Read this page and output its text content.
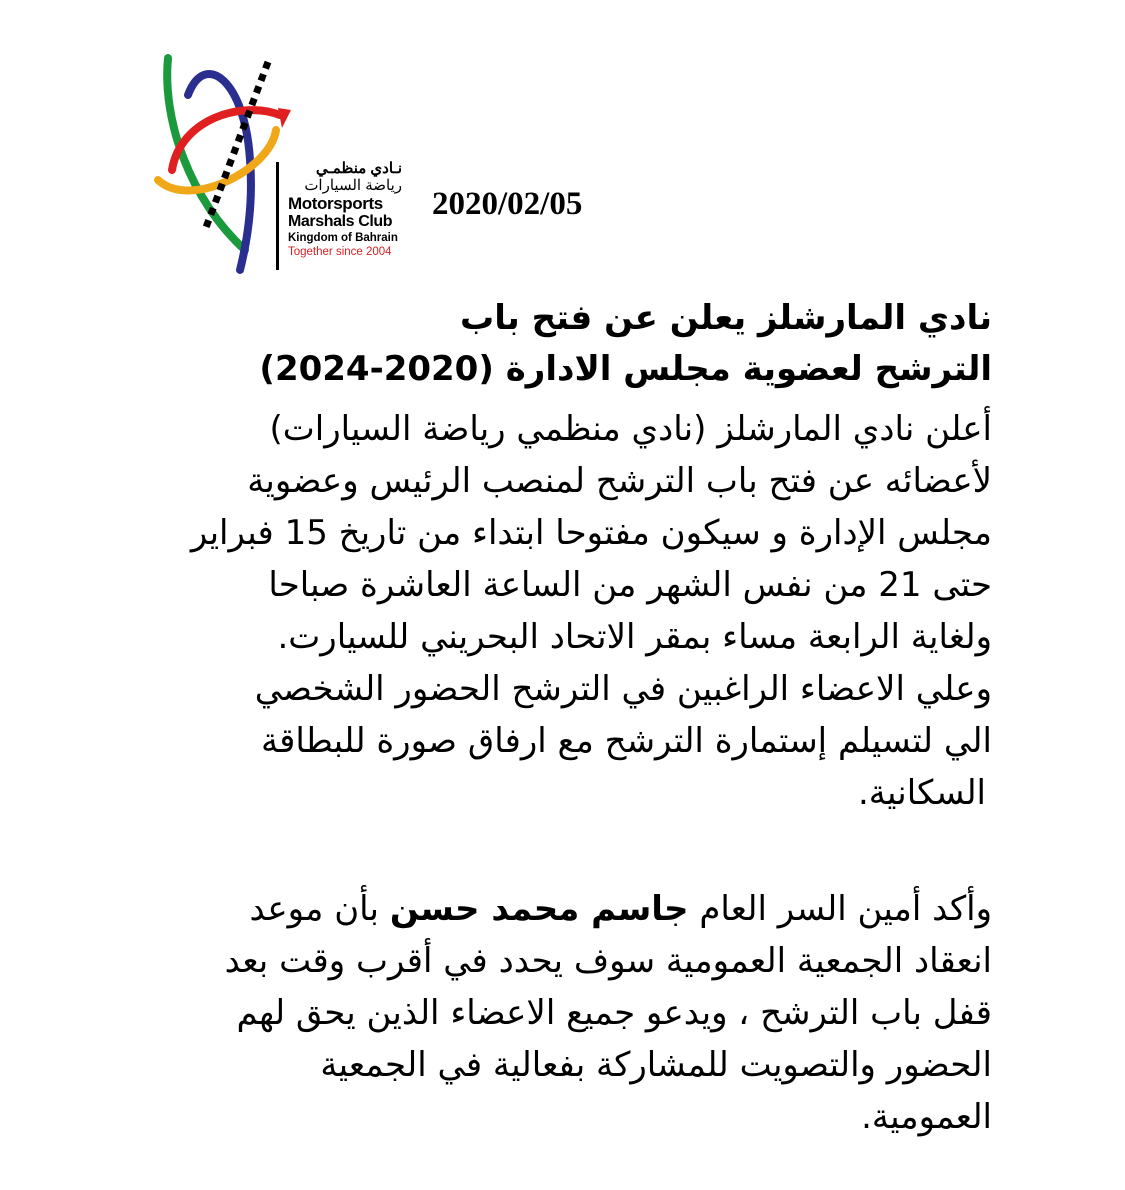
نـادي منظمـي
رياضة السيارات
Motorsports
Marshals Club
Kingdom of Bahrain
Together since 2004
2020/02/05
نادي المارشلز يعلن عن فتح باب
الترشح لعضوية مجلس الادارة (2020-2024)
أعلن نادي المارشلز (نادي منظمي رياضة السيارات)
لأعضائه عن فتح باب الترشح لمنصب الرئيس وعضوية
مجلس الإدارة و سيكون مفتوحا ابتداء من تاريخ 15 فبراير
حتى 21 من نفس الشهر من الساعة العاشرة صباحا
ولغاية الرابعة مساء بمقر الاتحاد البحريني للسيارت.
وعلي الاعضاء الراغبين في الترشح الحضور الشخصي
الي لتسيلم إستمارة الترشح مع ارفاق صورة للبطاقة
السكانية.
وأكد أمين السر العام جاسم محمد حسن بأن موعد
انعقاد الجمعية العمومية سوف يحدد في أقرب وقت بعد
قفل باب الترشح ، ويدعو جميع الاعضاء الذين يحق لهم
الحضور والتصويت للمشاركة بفعالية في الجمعية
العمومية.
